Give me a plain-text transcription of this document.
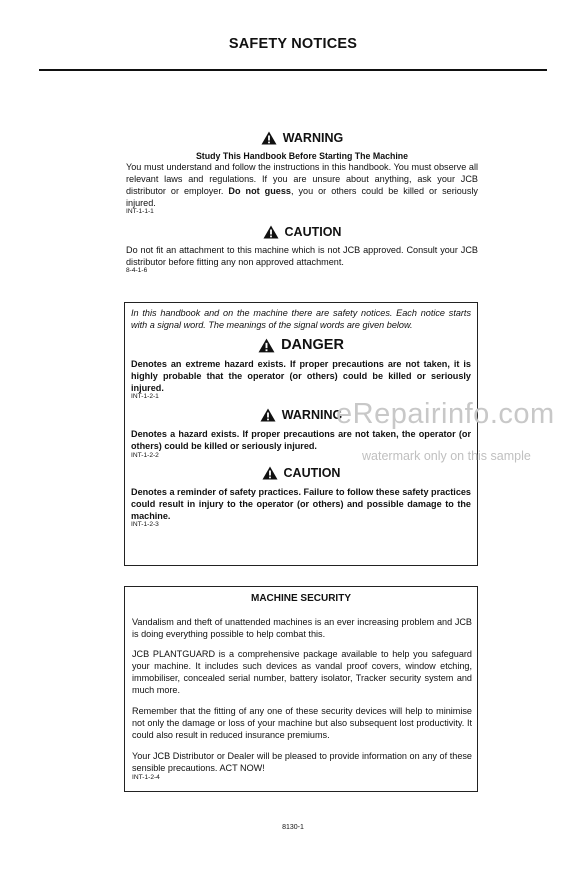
SAFETY NOTICES
WARNING
Study This Handbook Before Starting The Machine

You must understand and follow the instructions in this handbook. You must observe all relevant laws and regulations. If you are unsure about anything, ask your JCB distributor or employer. Do not guess, you or others could be killed or seriously injured.

INT-1-1-1
CAUTION

Do not fit an attachment to this machine which is not JCB approved. Consult your JCB distributor before fitting any non approved attachment.

8-4-1-6

In this handbook and on the machine there are safety notices. Each notice starts with a signal word. The meanings of the signal words are given below.

DANGER

Denotes an extreme hazard exists. If proper precautions are not taken, it is highly probable that the operator (or others) could be killed or seriously injured.

INT-1-2-1
WARNING

Denotes a hazard exists. If proper precautions are not taken, the operator (or others) could be killed or seriously injured.

INT-1-2-2
CAUTION

Denotes a reminder of safety practices. Failure to follow these safety practices could result in injury to the operator (or others) and possible damage to the machine.

INT-1-2-3
eRepairinfo.com
watermark only on this sample
MACHINE SECURITY

Vandalism and theft of unattended machines is an ever increasing problem and JCB is doing everything possible to help combat this.

JCB PLANTGUARD is a comprehensive package available to help you safeguard your machine. It includes such devices as vandal proof covers, window etching, immobiliser, concealed serial number, battery isolator, Tracker security system and much more.

Remember that the fitting of any one of these security devices will help to minimise not only the damage or loss of your machine but also subsequent lost productivity. It could also result in reduced insurance premiums.

Your JCB Distributor or Dealer will be pleased to provide information on any of these sensible precautions. ACT NOW!

INT-1-2-4
8130-1
